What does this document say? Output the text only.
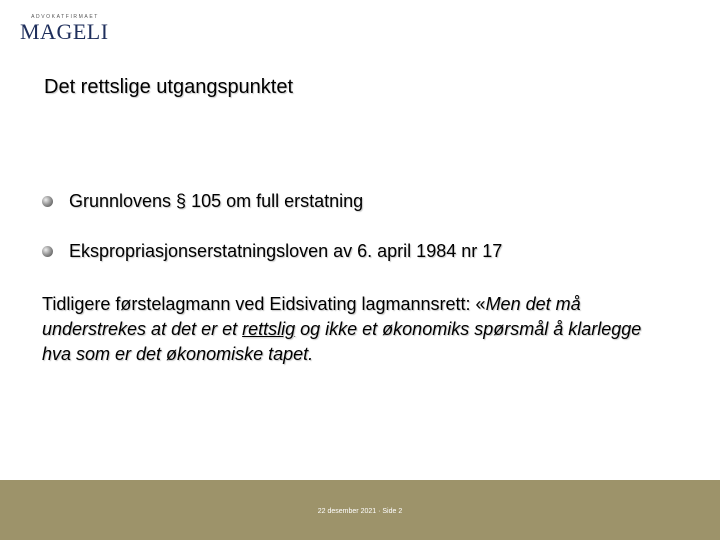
ADVOKATFIRMAET
MAGELI
Det rettslige utgangspunktet
Grunnlovens § 105 om full erstatning
Ekspropriasjonserstatningsloven av 6. april 1984 nr 17

Tidligere førstelagmann ved Eidsivating lagmannsrett: «Men det må understrekes at det er et rettslig og ikke et økonomiks spørsmål å klarlegge hva som er det økonomiske tapet.

22 desember 2021 · Side 2
